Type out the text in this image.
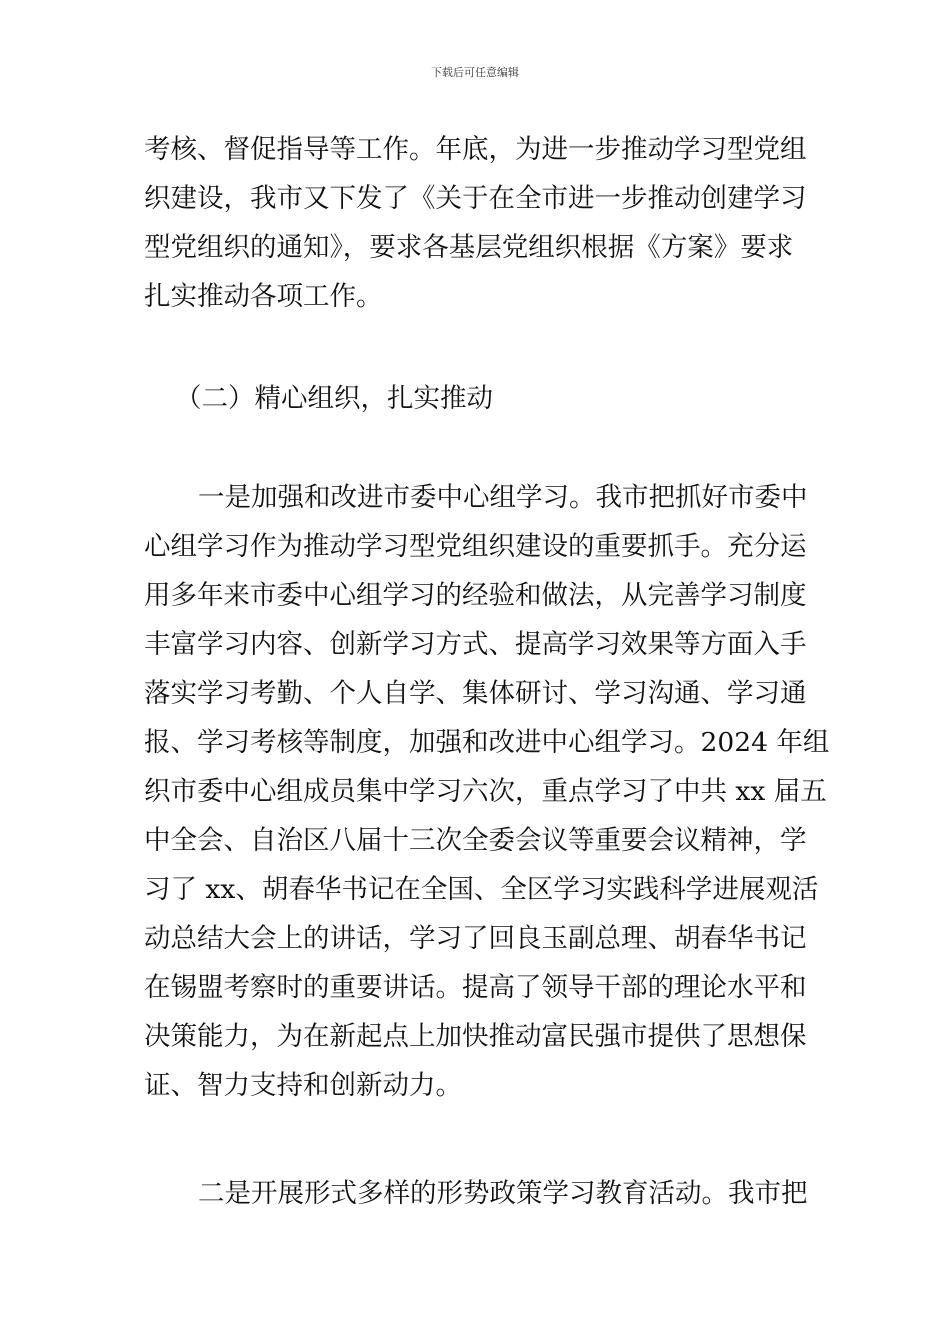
下载后可任意编辑
考核、督促指导等工作。年底，为进一步推动学习型党组
织建设，我市又下发了《关于在全市进一步推动创建学习
型党组织的通知》，要求各基层党组织根据《方案》要求
扎实推动各项工作。
（二）精心组织，扎实推动
一是加强和改进市委中心组学习。我市把抓好市委中
心组学习作为推动学习型党组织建设的重要抓手。充分运
用多年来市委中心组学习的经验和做法，从完善学习制度
丰富学习内容、创新学习方式、提高学习效果等方面入手
落实学习考勤、个人自学、集体研讨、学习沟通、学习通
报、学习考核等制度，加强和改进中心组学习。2024 年组
织市委中心组成员集中学习六次，重点学习了中共 xx 届五
中全会、自治区八届十三次全委会议等重要会议精神，学
习了 xx、胡春华书记在全国、全区学习实践科学进展观活
动总结大会上的讲话，学习了回良玉副总理、胡春华书记
在锡盟考察时的重要讲话。提高了领导干部的理论水平和
决策能力，为在新起点上加快推动富民强市提供了思想保
证、智力支持和创新动力。
二是开展形式多样的形势政策学习教育活动。我市把
